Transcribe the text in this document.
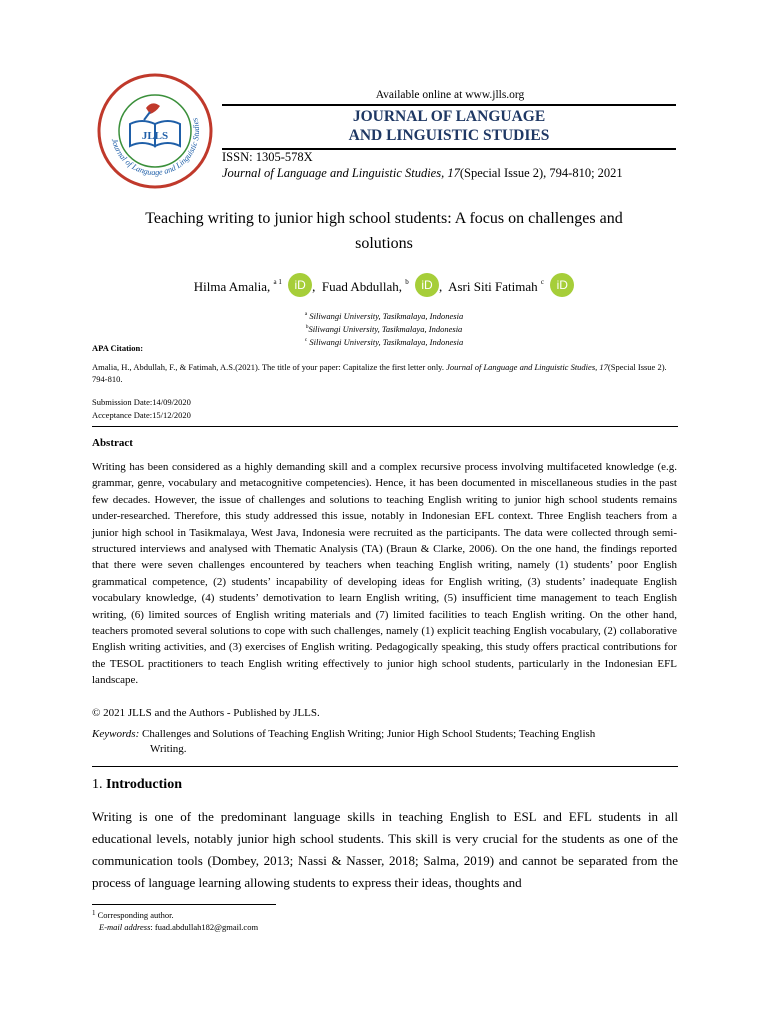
Journal of Language and Linguistic Studies
JLLS
Available online at www.jlls.org
JOURNAL OF LANGUAGE
AND LINGUISTIC STUDIES
ISSN: 1305-578X
Journal of Language and Linguistic Studies, 17(Special Issue 2), 794-810; 2021
Teaching writing to junior high school students: A focus on challenges and
solutions
Hilma Amalia, $^{a 1}$ iD ,  Fuad Abdullah, $^b$ iD ,  Asri Siti Fatimah $^c$ iD
$^a$ Siliwangi University, Tasikmalaya, Indonesia
$^b$Siliwangi University, Tasikmalaya, Indonesia
$^c$ Siliwangi University, Tasikmalaya, Indonesia
APA Citation:
Amalia, H., Abdullah, F., & Fatimah, A.S.(2021). The title of your paper: Capitalize the first letter only. Journal of Language and Linguistic Studies, 17(Special Issue 2). 794-810.
Submission Date:14/09/2020
Acceptance Date:15/12/2020
Abstract
Writing has been considered as a highly demanding skill and a complex recursive process involving multifaceted knowledge (e.g. grammar, genre, vocabulary and metacognitive competencies). Hence, it has been documented in miscellaneous studies in the past few decades. However, the issue of challenges and solutions to teaching English writing to junior high school students remains under-researched. Therefore, this study addressed this issue, notably in Indonesian EFL context. Three English teachers from a junior high school in Tasikmalaya, West Java, Indonesia were recruited as the participants. The data were collected through semi-structured interviews and analysed with Thematic Analysis (TA) (Braun & Clarke, 2006). On the one hand, the findings reported that there were seven challenges encountered by teachers when teaching English writing, namely (1) students’ poor English grammatical competence, (2) students’ incapability of developing ideas for English writing, (3) students’ inadequate English vocabulary knowledge, (4) students’ demotivation to learn English writing, (5) insufficient time management to teach English writing, (6) limited sources of English writing materials and (7) limited facilities to teach English writing. On the other hand, teachers promoted several solutions to cope with such challenges, namely (1) explicit teaching English vocabulary, (2) collaborative English writing activities, and (3) exercises of English writing. Pedagogically speaking, this study offers practical contributions for the TESOL practitioners to teach English writing effectively to junior high school students, particularly in the Indonesian EFL landscape.
© 2021 JLLS and the Authors - Published by JLLS.
Keywords: Challenges and Solutions of Teaching English Writing; Junior High School Students; Teaching English
Writing.
1. Introduction
Writing is one of the predominant language skills in teaching English to ESL and EFL students in all educational levels, notably junior high school students. This skill is very crucial for the students as one of the communication tools (Dombey, 2013; Nassi & Nasser, 2018; Salma, 2019) and cannot be separated from the process of language learning allowing students to express their ideas, thoughts and
$^1$ Corresponding author.
E-mail address: fuad.abdullah182@gmail.com
